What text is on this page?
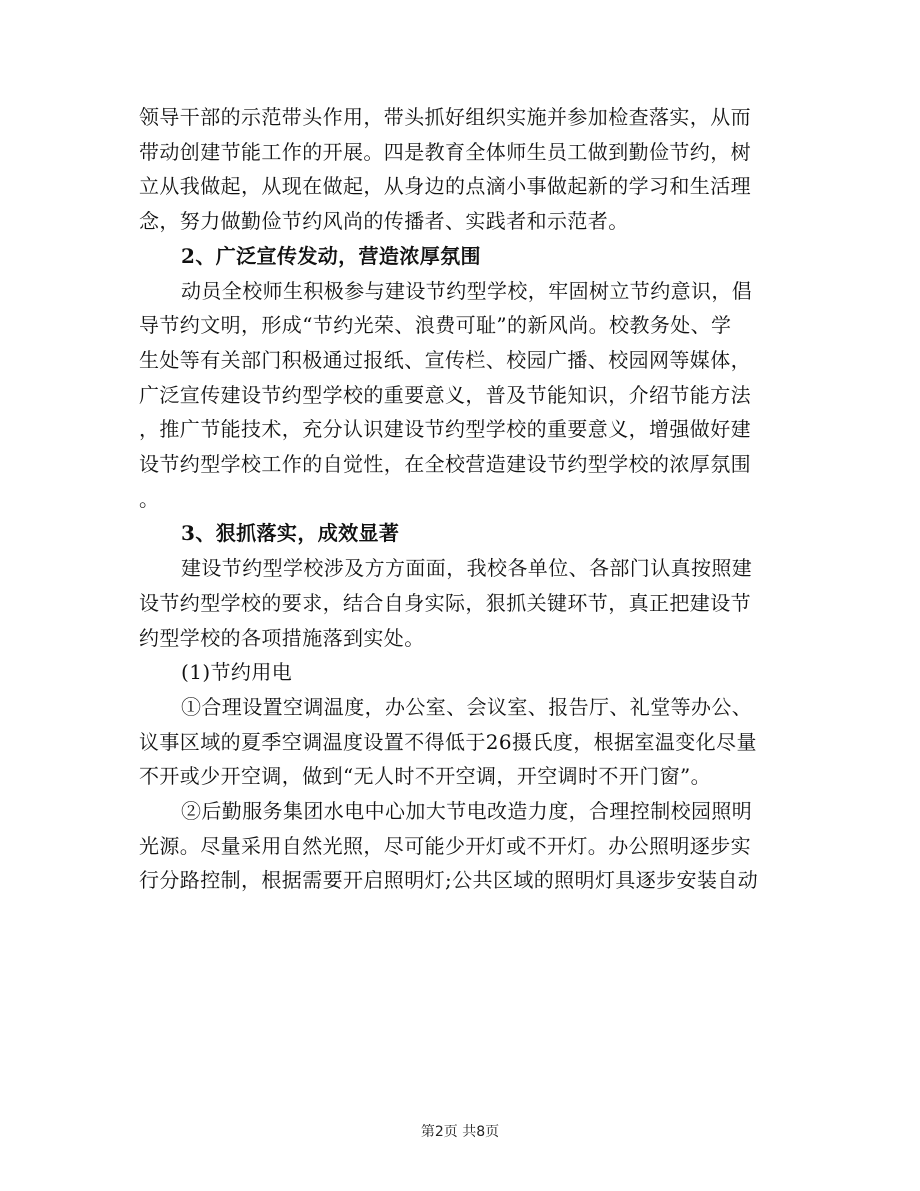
领导干部的示范带头作用，带头抓好组织实施并参加检查落实，从而
带动创建节能工作的开展。四是教育全体师生员工做到勤俭节约，树
立从我做起，从现在做起，从身边的点滴小事做起新的学习和生活理
念，努力做勤俭节约风尚的传播者、实践者和示范者。
2、广泛宣传发动，营造浓厚氛围
动员全校师生积极参与建设节约型学校，牢固树立节约意识，倡
导节约文明，形成“节约光荣、浪费可耻”的新风尚。校教务处、学
生处等有关部门积极通过报纸、宣传栏、校园广播、校园网等媒体，
广泛宣传建设节约型学校的重要意义，普及节能知识，介绍节能方法
，推广节能技术，充分认识建设节约型学校的重要意义，增强做好建
设节约型学校工作的自觉性，在全校营造建设节约型学校的浓厚氛围
。
3、狠抓落实，成效显著
建设节约型学校涉及方方面面，我校各单位、各部门认真按照建
设节约型学校的要求，结合自身实际，狠抓关键环节，真正把建设节
约型学校的各项措施落到实处。
(1)节约用电
①合理设置空调温度，办公室、会议室、报告厅、礼堂等办公、
议事区域的夏季空调温度设置不得低于26摄氏度，根据室温变化尽量
不开或少开空调，做到“无人时不开空调，开空调时不开门窗”。
②后勤服务集团水电中心加大节电改造力度，合理控制校园照明
光源。尽量采用自然光照，尽可能少开灯或不开灯。办公照明逐步实
行分路控制，根据需要开启照明灯;公共区域的照明灯具逐步安装自动
第2页 共8页
